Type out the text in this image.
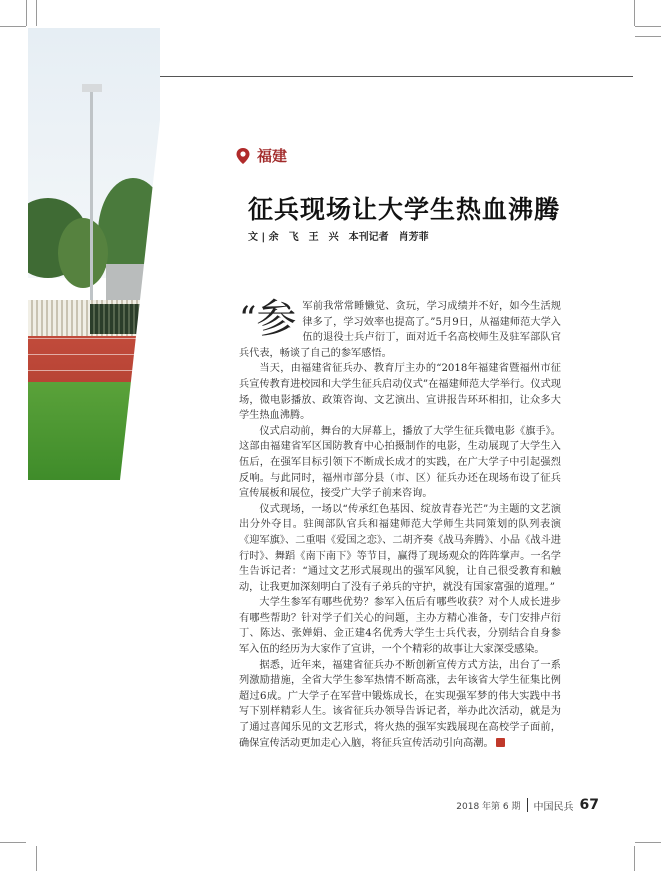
福建
征兵现场让大学生热血沸腾
文 | 余　飞　王　兴　本刊记者　肖芳菲

“参 军前我常常睡懒觉、贪玩，学习成绩并不好，如今生活规律多了，学习效率也提高了。”5月9日，从福建师范大学入伍的退役士兵卢衍丁，面对近千名高校师生及驻军部队官兵代表，畅谈了自己的参军感悟。

当天，由福建省征兵办、教育厅主办的“2018年福建省暨福州市征兵宣传教育进校园和大学生征兵启动仪式”在福建师范大学举行。仪式现场，微电影播放、政策咨询、文艺演出、宣讲报告环环相扣，让众多大学生热血沸腾。

仪式启动前，舞台的大屏幕上，播放了大学生征兵微电影《旗手》。这部由福建省军区国防教育中心拍摄制作的电影，生动展现了大学生入伍后，在强军目标引领下不断成长成才的实践，在广大学子中引起强烈反响。与此同时，福州市部分县（市、区）征兵办还在现场布设了征兵宣传展板和展位，接受广大学子前来咨询。

仪式现场，一场以“传承红色基因、绽放青春光芒”为主题的文艺演出分外夺目。驻闽部队官兵和福建师范大学师生共同策划的队列表演《迎军旗》、二重唱《爱国之恋》、二胡齐奏《战马奔腾》、小品《战斗进行时》、舞蹈《南下南下》等节目，赢得了现场观众的阵阵掌声。一名学生告诉记者：“通过文艺形式展现出的强军风貌，让自己很受教育和触动，让我更加深刻明白了没有子弟兵的守护，就没有国家富强的道理。”

大学生参军有哪些优势？参军入伍后有哪些收获？对个人成长进步有哪些帮助？针对学子们关心的问题，主办方精心准备，专门安排卢衍丁、陈达、张婵娟、金正建4名优秀大学生士兵代表，分别结合自身参军入伍的经历为大家作了宣讲，一个个精彩的故事让大家深受感染。

据悉，近年来，福建省征兵办不断创新宣传方式方法，出台了一系列激励措施，全省大学生参军热情不断高涨，去年该省大学生征集比例超过6成。广大学子在军营中锻炼成长，在实现强军梦的伟大实践中书写下别样精彩人生。该省征兵办领导告诉记者，举办此次活动，就是为了通过喜闻乐见的文艺形式，将火热的强军实践展现在高校学子面前，确保宣传活动更加走心入脑，将征兵宣传活动引向高潮。

2018 年第 6 期 中国民兵 67
